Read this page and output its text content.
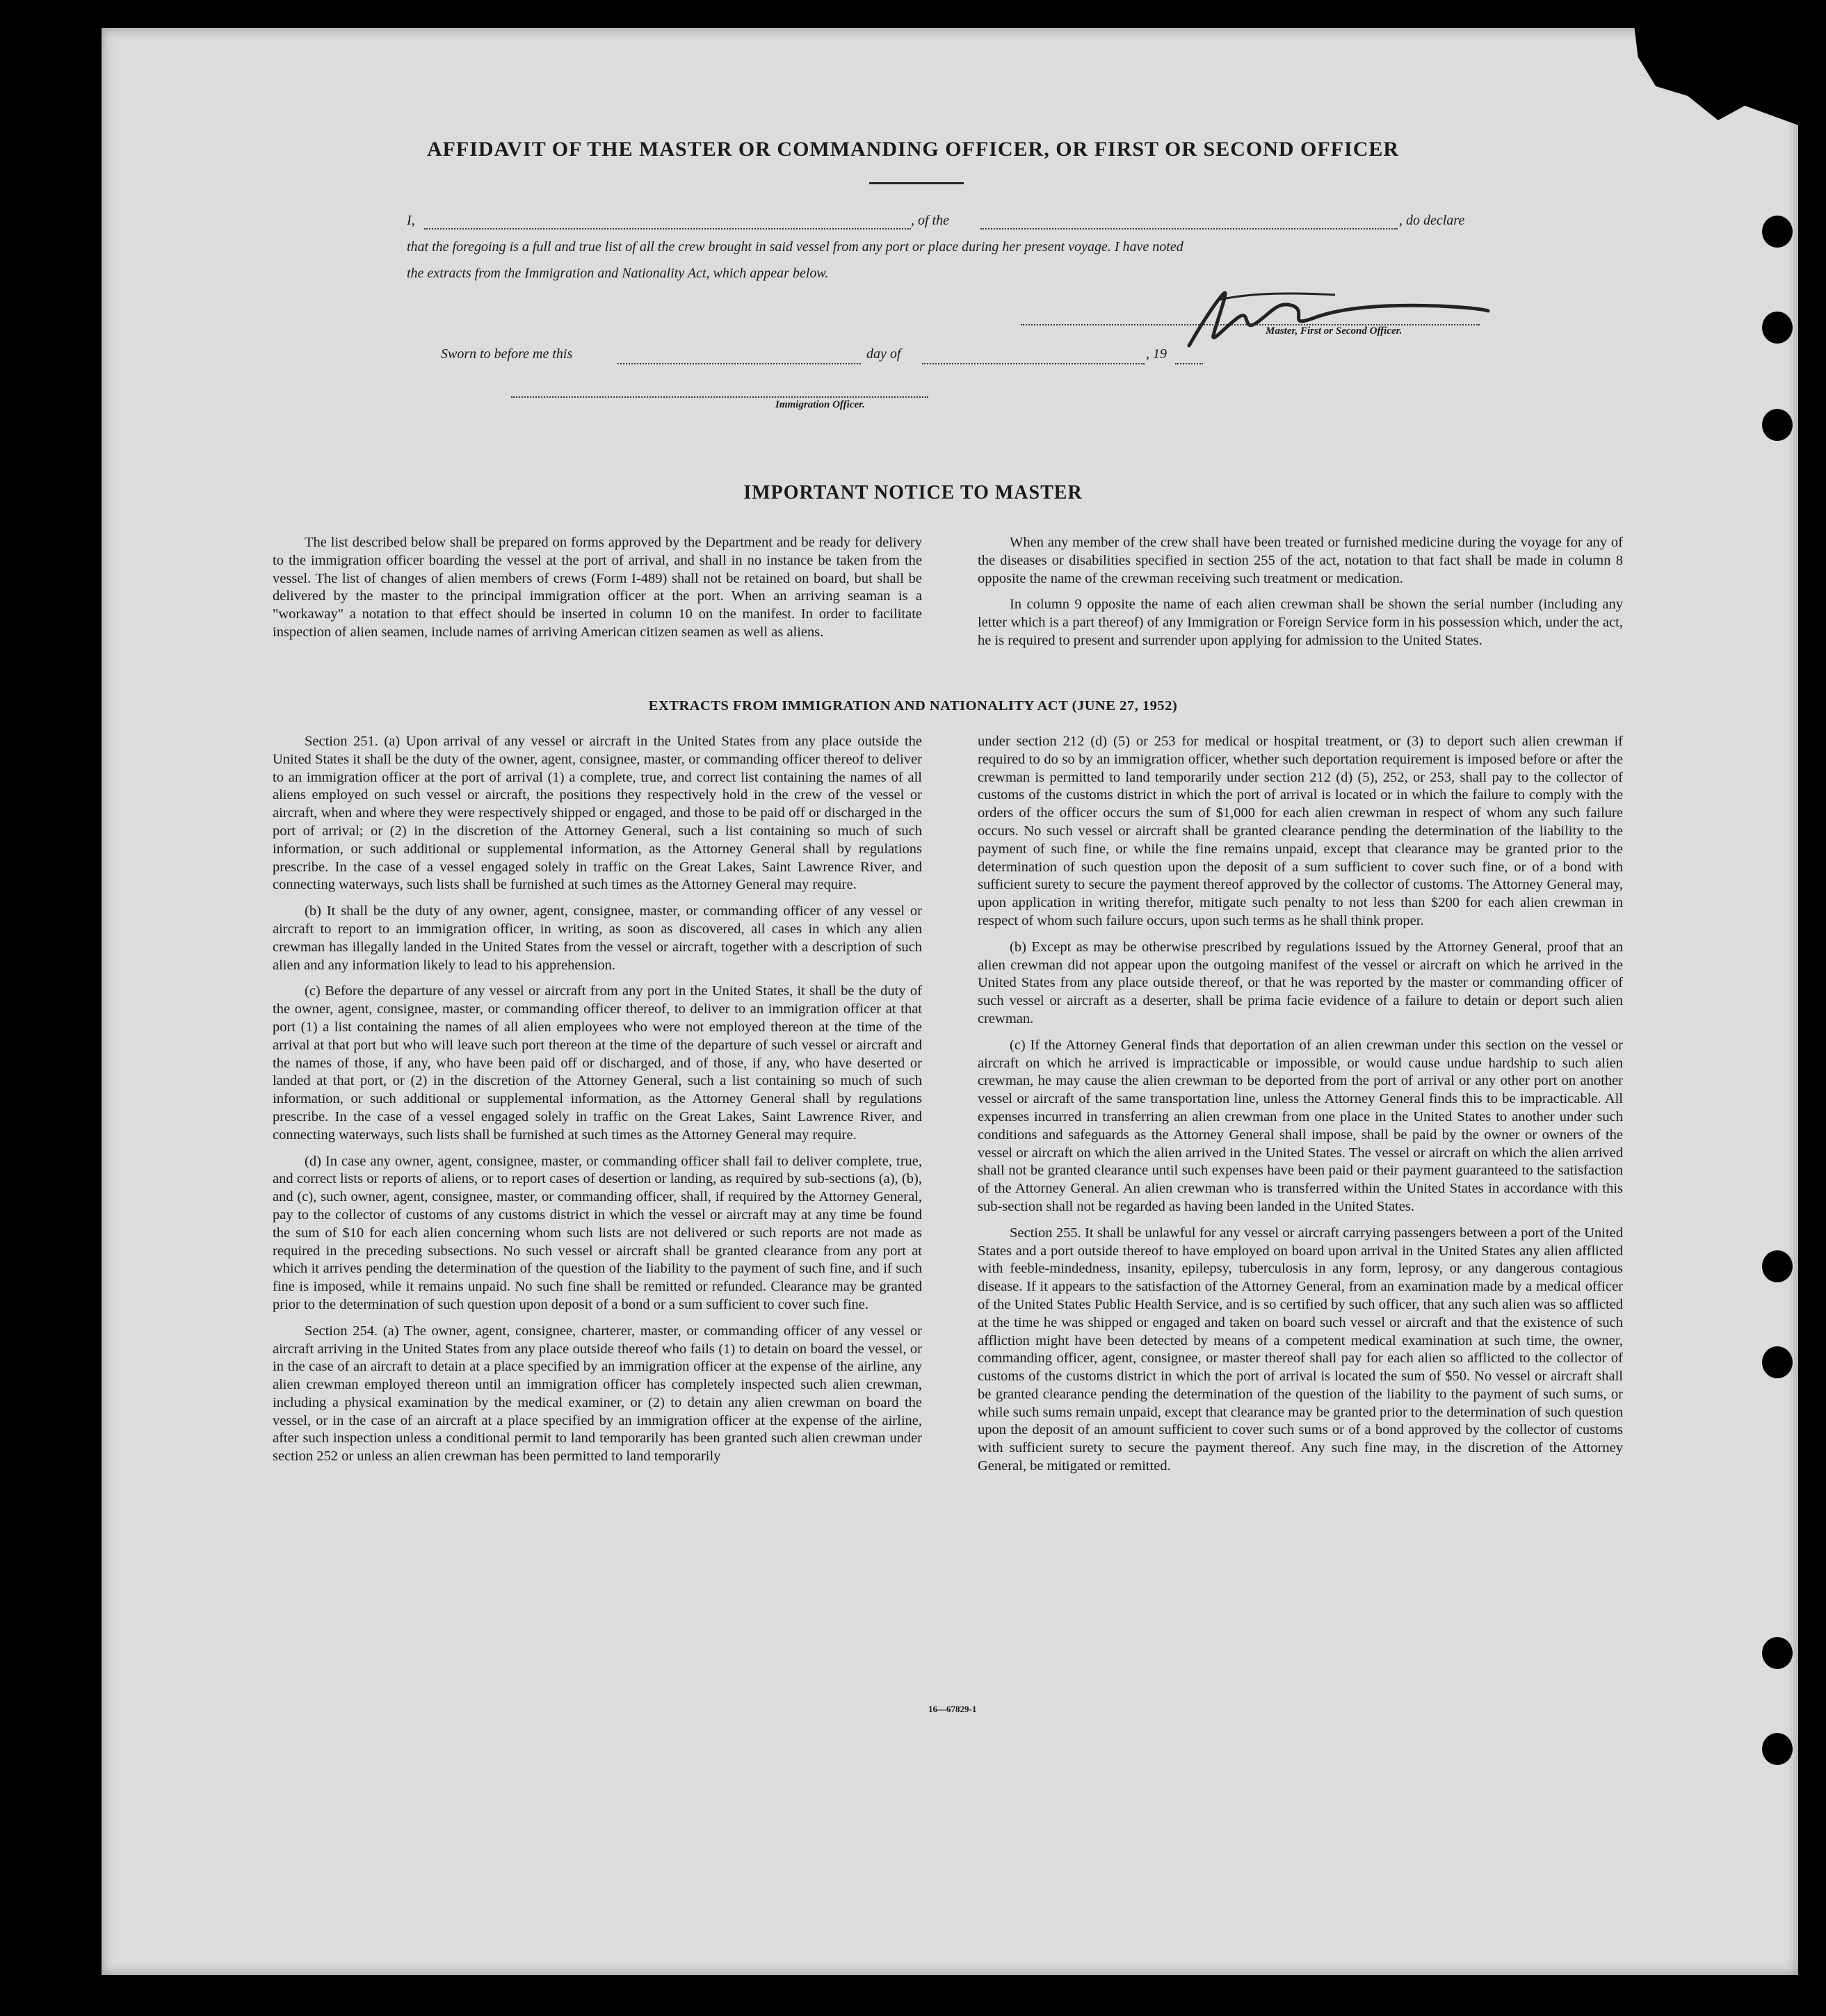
AFFIDAVIT OF THE MASTER OR COMMANDING OFFICER, OR FIRST OR SECOND OFFICER
I,	, of the	, do declare
that the foregoing is a full and true list of all the crew brought in said vessel from any port or place during her present voyage. I have noted
the extracts from the Immigration and Nationality Act, which appear below.
Master, First or Second Officer.
Sworn to before me this	day of	, 19
Immigration Officer.
IMPORTANT NOTICE TO MASTER

The list described below shall be prepared on forms approved by the Department and be ready for delivery to the immigration officer boarding the vessel at the port of arrival, and shall in no instance be taken from the vessel. The list of changes of alien members of crews (Form I-489) shall not be retained on board, but shall be delivered by the master to the principal immigration officer at the port. When an arriving seaman is a "workaway" a notation to that effect should be inserted in column 10 on the manifest. In order to facilitate inspection of alien seamen, include names of arriving American citizen seamen as well as aliens.

When any member of the crew shall have been treated or furnished medicine during the voyage for any of the diseases or disabilities specified in section 255 of the act, notation to that fact shall be made in column 8 opposite the name of the crewman receiving such treatment or medication.

In column 9 opposite the name of each alien crewman shall be shown the serial number (including any letter which is a part thereof) of any Immigration or Foreign Service form in his possession which, under the act, he is required to present and surrender upon applying for admission to the United States.

EXTRACTS FROM IMMIGRATION AND NATIONALITY ACT (JUNE 27, 1952)

Section 251. (a) Upon arrival of any vessel or aircraft in the United States from any place outside the United States it shall be the duty of the owner, agent, consignee, master, or commanding officer thereof to deliver to an immigration officer at the port of arrival (1) a complete, true, and correct list containing the names of all aliens employed on such vessel or aircraft, the positions they respectively hold in the crew of the vessel or aircraft, when and where they were respectively shipped or engaged, and those to be paid off or discharged in the port of arrival; or (2) in the discretion of the Attorney General, such a list containing so much of such information, or such additional or supplemental information, as the Attorney General shall by regulations prescribe. In the case of a vessel engaged solely in traffic on the Great Lakes, Saint Lawrence River, and connecting waterways, such lists shall be furnished at such times as the Attorney General may require.

(b) It shall be the duty of any owner, agent, consignee, master, or commanding officer of any vessel or aircraft to report to an immigration officer, in writing, as soon as discovered, all cases in which any alien crewman has illegally landed in the United States from the vessel or aircraft, together with a description of such alien and any information likely to lead to his apprehension.

(c) Before the departure of any vessel or aircraft from any port in the United States, it shall be the duty of the owner, agent, consignee, master, or commanding officer thereof, to deliver to an immigration officer at that port (1) a list containing the names of all alien employees who were not employed thereon at the time of the arrival at that port but who will leave such port thereon at the time of the departure of such vessel or aircraft and the names of those, if any, who have been paid off or discharged, and of those, if any, who have deserted or landed at that port, or (2) in the discretion of the Attorney General, such a list containing so much of such information, or such additional or supplemental information, as the Attorney General shall by regulations prescribe. In the case of a vessel engaged solely in traffic on the Great Lakes, Saint Lawrence River, and connecting waterways, such lists shall be furnished at such times as the Attorney General may require.

(d) In case any owner, agent, consignee, master, or commanding officer shall fail to deliver complete, true, and correct lists or reports of aliens, or to report cases of desertion or landing, as required by sub-sections (a), (b), and (c), such owner, agent, consignee, master, or commanding officer, shall, if required by the Attorney General, pay to the collector of customs of any customs district in which the vessel or aircraft may at any time be found the sum of $10 for each alien concerning whom such lists are not delivered or such reports are not made as required in the preceding subsections. No such vessel or aircraft shall be granted clearance from any port at which it arrives pending the determination of the question of the liability to the payment of such fine, and if such fine is imposed, while it remains unpaid. No such fine shall be remitted or refunded. Clearance may be granted prior to the determination of such question upon deposit of a bond or a sum sufficient to cover such fine.

Section 254. (a) The owner, agent, consignee, charterer, master, or commanding officer of any vessel or aircraft arriving in the United States from any place outside thereof who fails (1) to detain on board the vessel, or in the case of an aircraft to detain at a place specified by an immigration officer at the expense of the airline, any alien crewman employed thereon until an immigration officer has completely inspected such alien crewman, including a physical examination by the medical examiner, or (2) to detain any alien crewman on board the vessel, or in the case of an aircraft at a place specified by an immigration officer at the expense of the airline, after such inspection unless a conditional permit to land temporarily has been granted such alien crewman under section 252 or unless an alien crewman has been permitted to land temporarily

under section 212 (d) (5) or 253 for medical or hospital treatment, or (3) to deport such alien crewman if required to do so by an immigration officer, whether such deportation requirement is imposed before or after the crewman is permitted to land temporarily under section 212 (d) (5), 252, or 253, shall pay to the collector of customs of the customs district in which the port of arrival is located or in which the failure to comply with the orders of the officer occurs the sum of $1,000 for each alien crewman in respect of whom any such failure occurs. No such vessel or aircraft shall be granted clearance pending the determination of the liability to the payment of such fine, or while the fine remains unpaid, except that clearance may be granted prior to the determination of such question upon the deposit of a sum sufficient to cover such fine, or of a bond with sufficient surety to secure the payment thereof approved by the collector of customs. The Attorney General may, upon application in writing therefor, mitigate such penalty to not less than $200 for each alien crewman in respect of whom such failure occurs, upon such terms as he shall think proper.

(b) Except as may be otherwise prescribed by regulations issued by the Attorney General, proof that an alien crewman did not appear upon the outgoing manifest of the vessel or aircraft on which he arrived in the United States from any place outside thereof, or that he was reported by the master or commanding officer of such vessel or aircraft as a deserter, shall be prima facie evidence of a failure to detain or deport such alien crewman.

(c) If the Attorney General finds that deportation of an alien crewman under this section on the vessel or aircraft on which he arrived is impracticable or impossible, or would cause undue hardship to such alien crewman, he may cause the alien crewman to be deported from the port of arrival or any other port on another vessel or aircraft of the same transportation line, unless the Attorney General finds this to be impracticable. All expenses incurred in transferring an alien crewman from one place in the United States to another under such conditions and safeguards as the Attorney General shall impose, shall be paid by the owner or owners of the vessel or aircraft on which the alien arrived in the United States. The vessel or aircraft on which the alien arrived shall not be granted clearance until such expenses have been paid or their payment guaranteed to the satisfaction of the Attorney General. An alien crewman who is transferred within the United States in accordance with this sub-section shall not be regarded as having been landed in the United States.

Section 255. It shall be unlawful for any vessel or aircraft carrying passengers between a port of the United States and a port outside thereof to have employed on board upon arrival in the United States any alien afflicted with feeble-mindedness, insanity, epilepsy, tuberculosis in any form, leprosy, or any dangerous contagious disease. If it appears to the satisfaction of the Attorney General, from an examination made by a medical officer of the United States Public Health Service, and is so certified by such officer, that any such alien was so afflicted at the time he was shipped or engaged and taken on board such vessel or aircraft and that the existence of such affliction might have been detected by means of a competent medical examination at such time, the owner, commanding officer, agent, consignee, or master thereof shall pay for each alien so afflicted to the collector of customs of the customs district in which the port of arrival is located the sum of $50. No vessel or aircraft shall be granted clearance pending the determination of the question of the liability to the payment of such sums, or while such sums remain unpaid, except that clearance may be granted prior to the determination of such question upon the deposit of an amount sufficient to cover such sums or of a bond approved by the collector of customs with sufficient surety to secure the payment thereof. Any such fine may, in the discretion of the Attorney General, be mitigated or remitted.

16—67829-1
